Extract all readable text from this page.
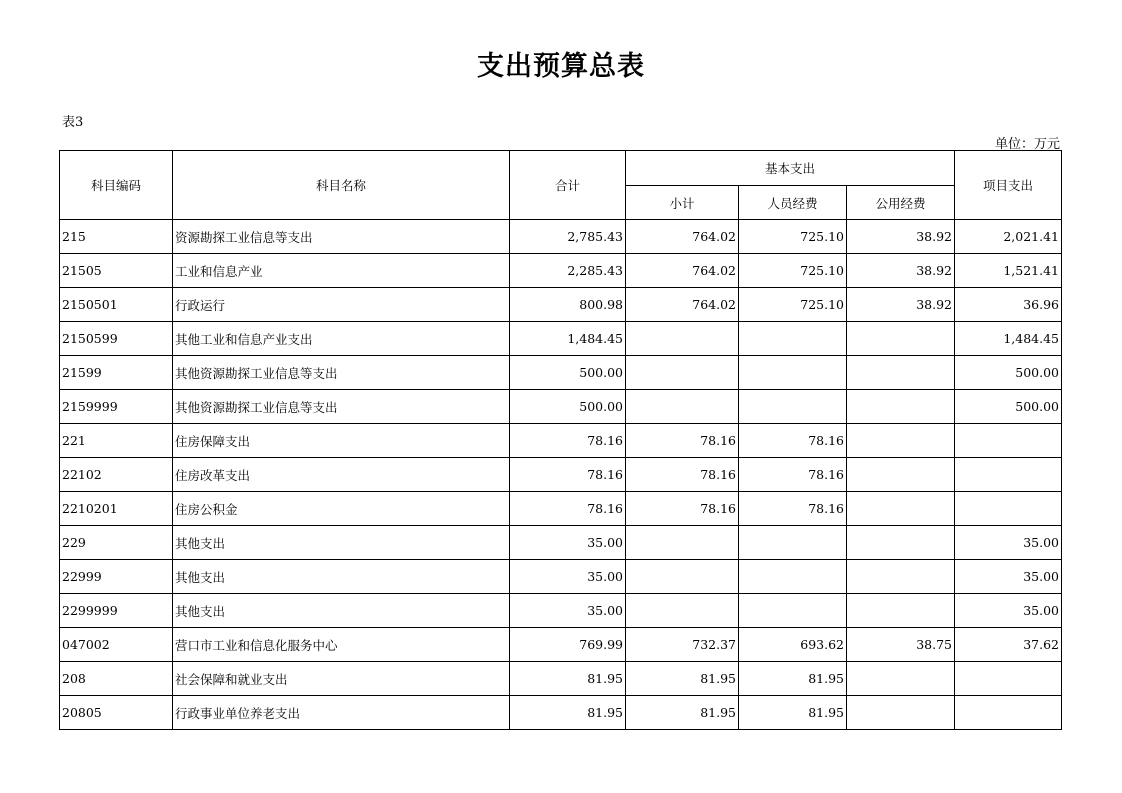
支出预算总表
表3
单位：万元
科目编码	科目名称	合计	基本支出			项目支出
			小计	人员经费	公用经费	
215	资源勘探工业信息等支出	2,785.43	764.02	725.10	38.92	2,021.41
21505	工业和信息产业	2,285.43	764.02	725.10	38.92	1,521.41
2150501	行政运行	800.98	764.02	725.10	38.92	36.96
2150599	其他工业和信息产业支出	1,484.45				1,484.45
21599	其他资源勘探工业信息等支出	500.00				500.00
2159999	其他资源勘探工业信息等支出	500.00				500.00
221	住房保障支出	78.16	78.16	78.16		
22102	住房改革支出	78.16	78.16	78.16		
2210201	住房公积金	78.16	78.16	78.16		
229	其他支出	35.00				35.00
22999	其他支出	35.00				35.00
2299999	其他支出	35.00				35.00
047002	营口市工业和信息化服务中心	769.99	732.37	693.62	38.75	37.62
208	社会保障和就业支出	81.95	81.95	81.95		
20805	行政事业单位养老支出	81.95	81.95	81.95		
